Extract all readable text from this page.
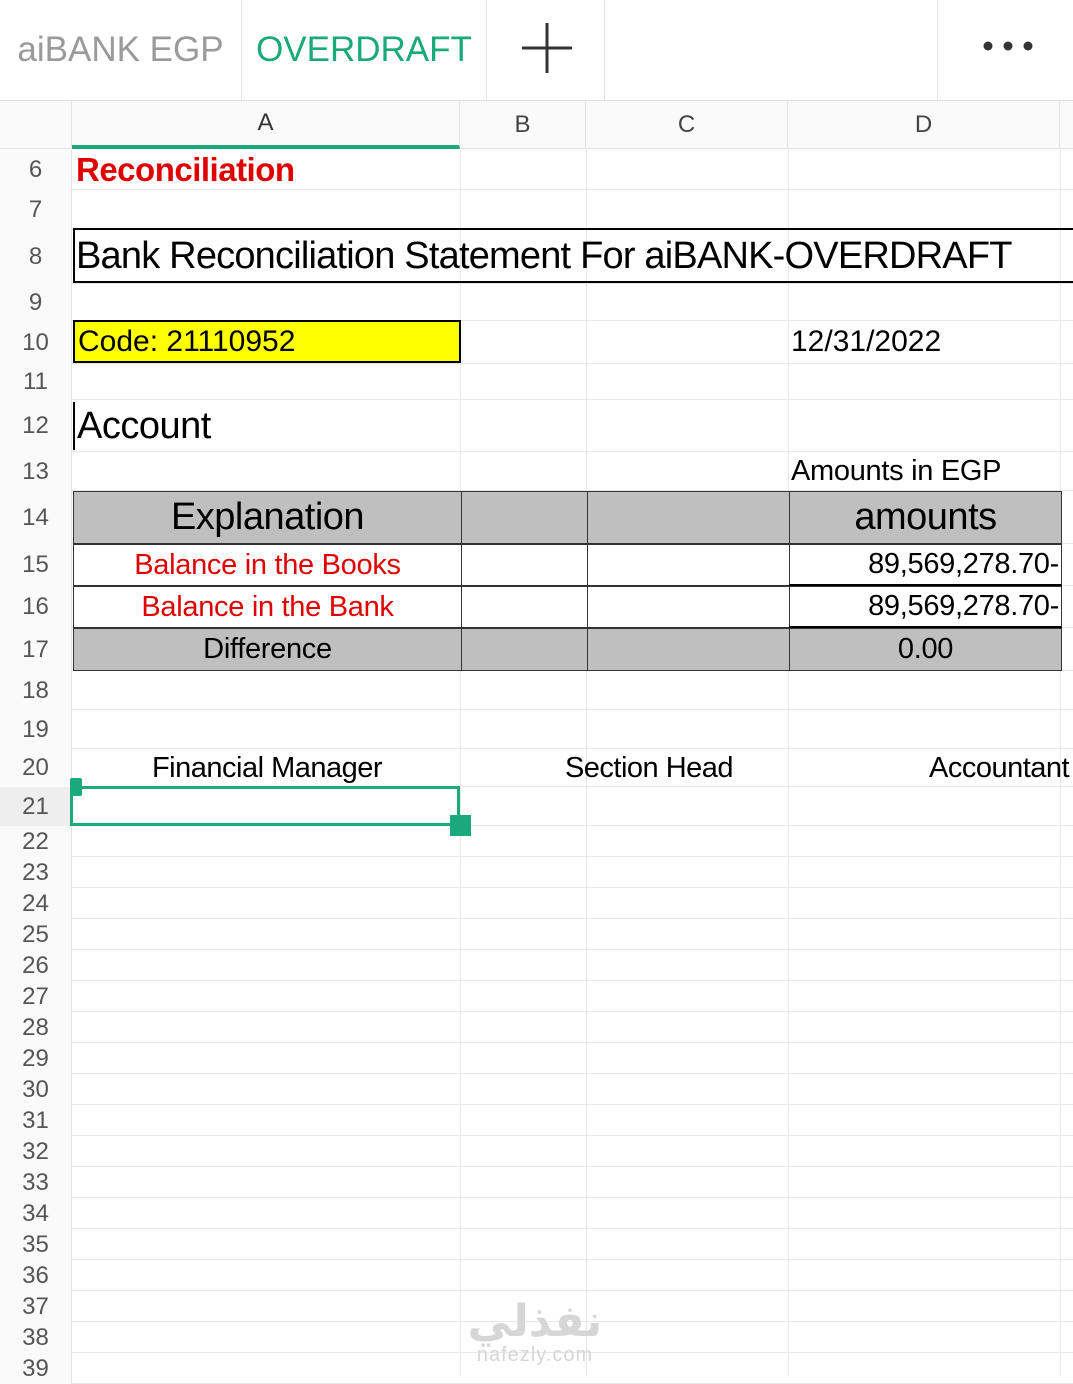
aiBANK EGP OVERDRAFT
A	B	C	D
6
7
8
9
10
11
12
13
14
15
16
17
18
19
20
21
22
23
24
25
26
27
28
29
30
31
32
33
34
35
36
37
38
39
Reconciliation
Bank Reconciliation Statement For aiBANK-OVERDRAFT
Code: 21110952	12/31/2022
Account
Amounts in EGP
Explanation	amounts
Balance in the Books	89,569,278.70-
Balance in the Bank	89,569,278.70-
Difference	0.00
Financial Manager	Section Head	Accountant
نفذلي
nafezly.com
